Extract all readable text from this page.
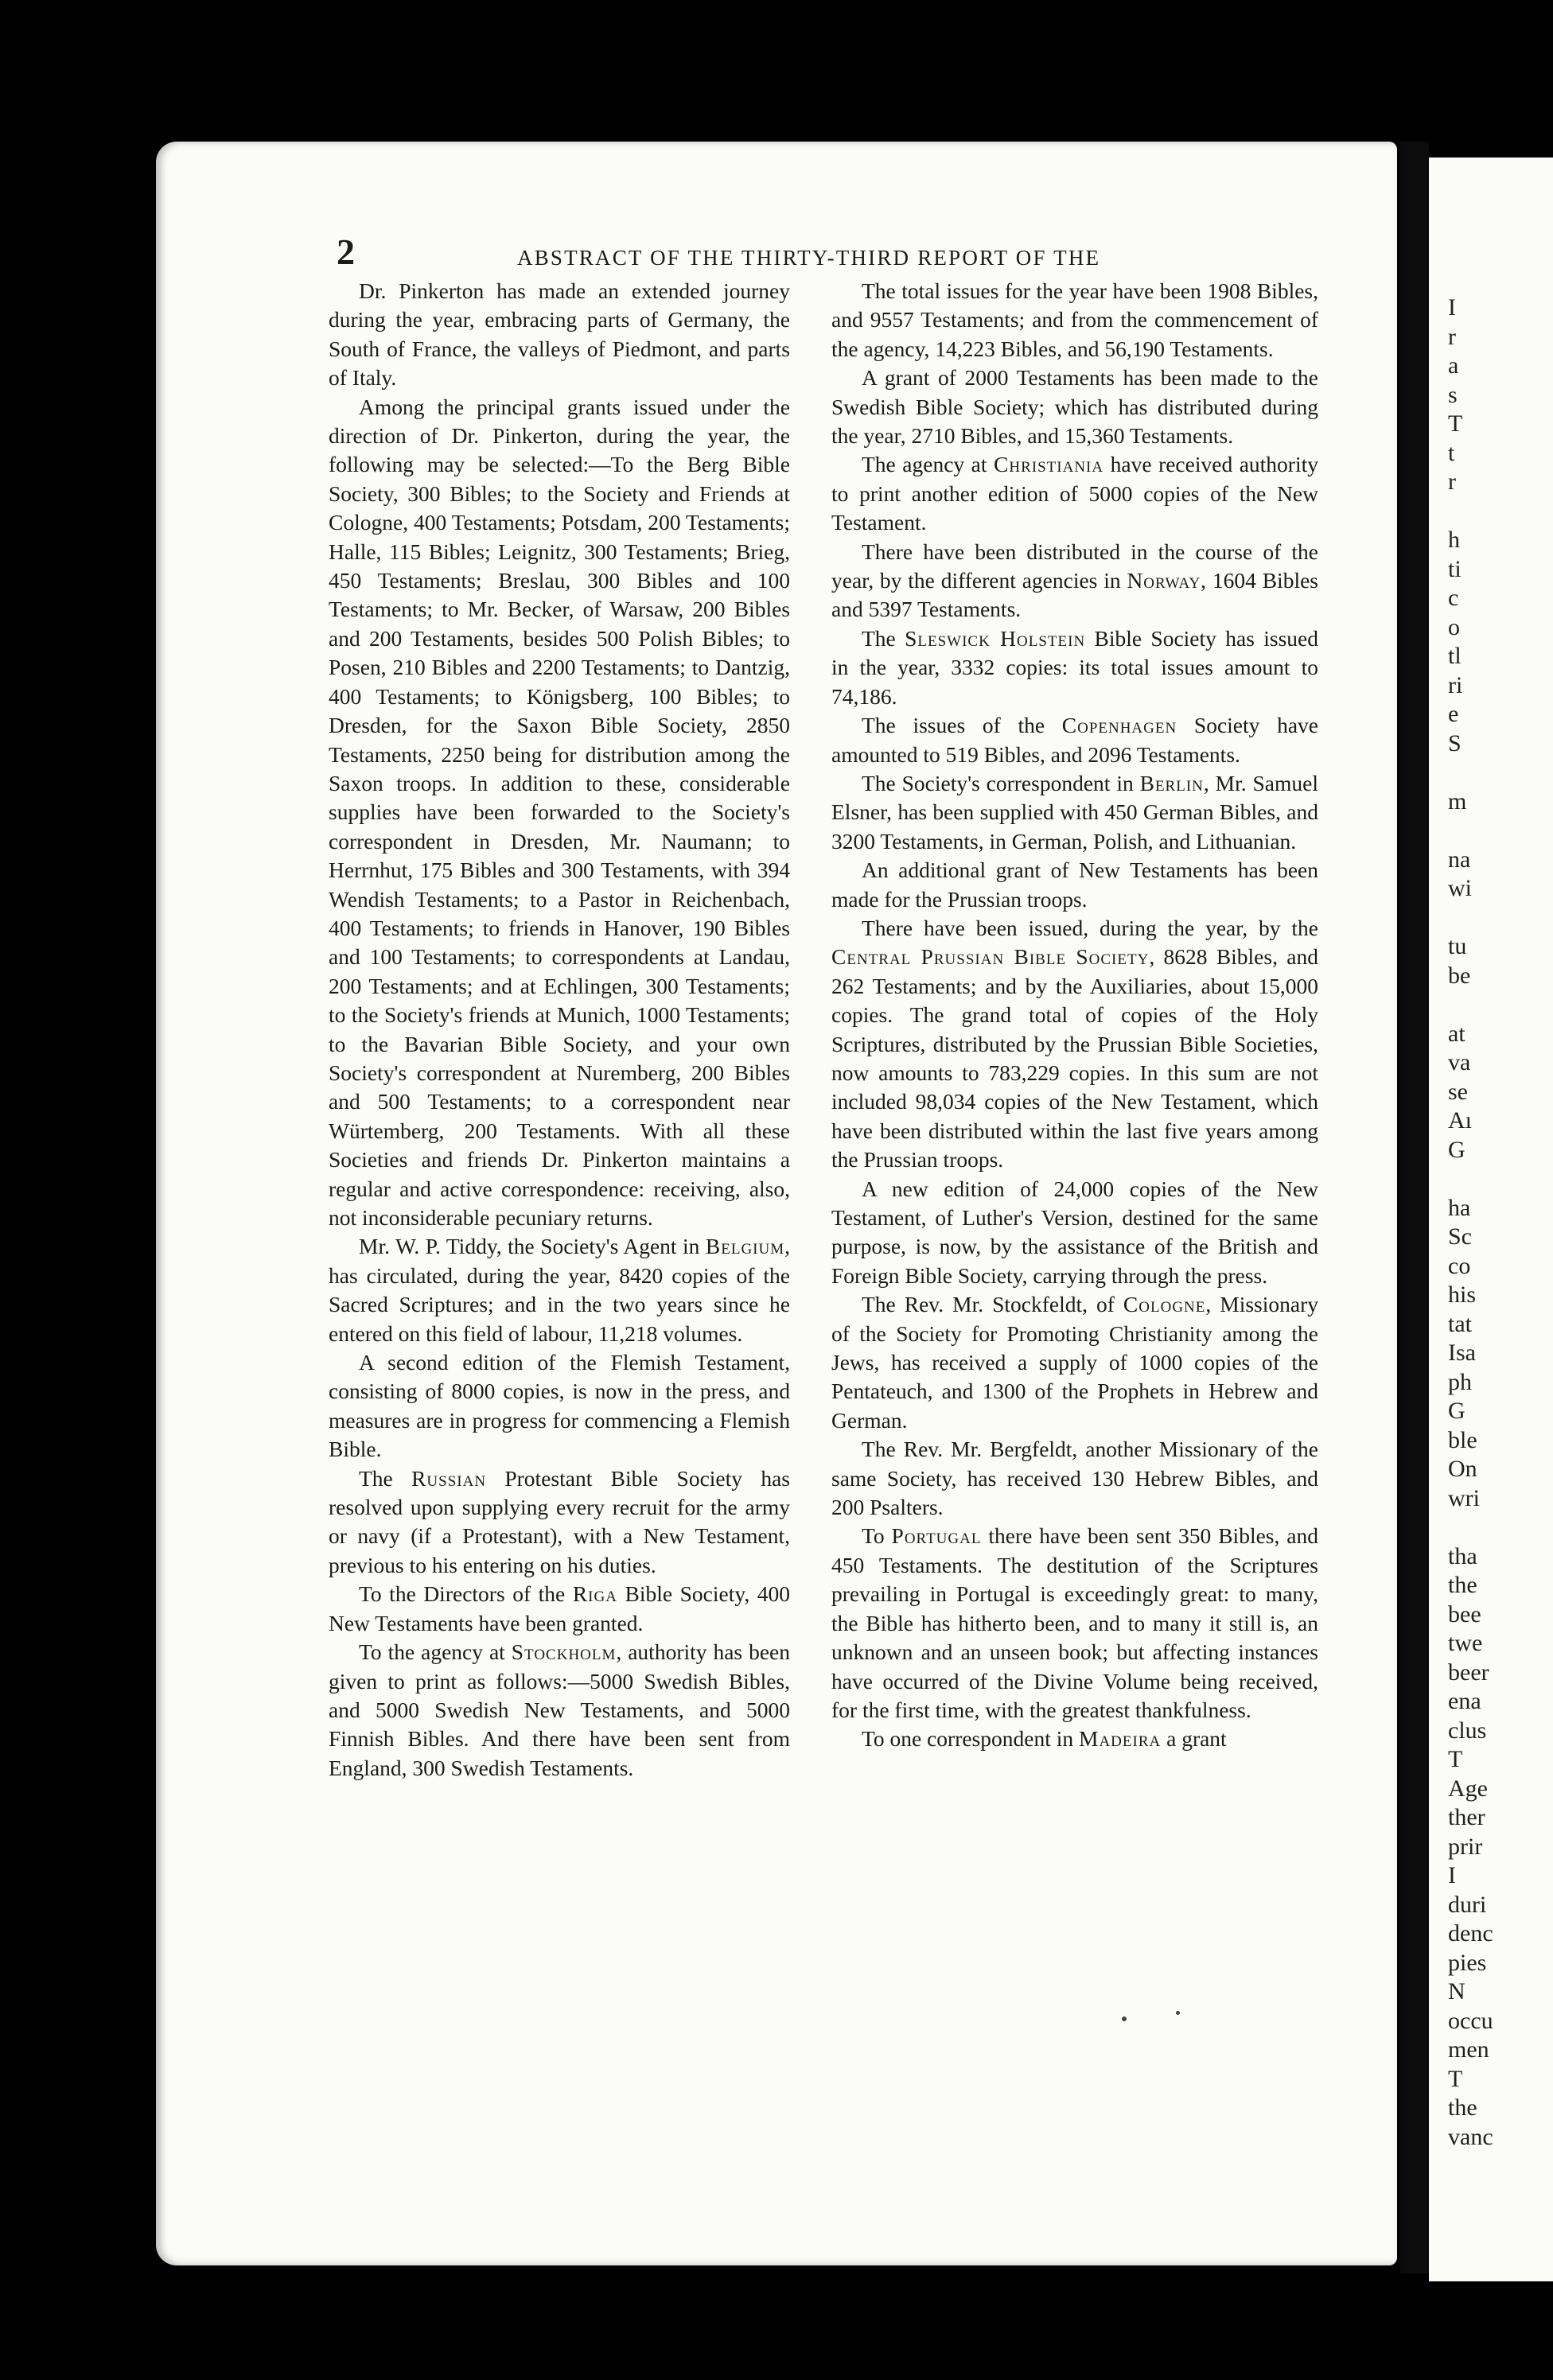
I
r
a
s
T
t
r
h
ti
c
o
tl
ri
e
S
m
na
wi
tu
be
at
va
se
Aı
G
ha
Sc
co
his
tat
Isa
ph
G
ble
On
wri
tha
the
bee
twe
beer
ena
clus
T
Age
ther
prir
I
duri
denc
pies
N
occu
men
T
the
vanc
2	ABSTRACT OF THE THIRTY-THIRD REPORT OF THE

Dr. Pinkerton has made an extended journey during the year, embracing parts of Germany, the South of France, the valleys of Piedmont, and parts of Italy.

Among the principal grants issued under the direction of Dr. Pinkerton, during the year, the following may be selected:—To the Berg Bible Society, 300 Bibles; to the Society and Friends at Cologne, 400 Testaments; Potsdam, 200 Testaments; Halle, 115 Bibles; Leignitz, 300 Testaments; Brieg, 450 Testaments; Breslau, 300 Bibles and 100 Testaments; to Mr. Becker, of Warsaw, 200 Bibles and 200 Testaments, besides 500 Polish Bibles; to Posen, 210 Bibles and 2200 Testaments; to Dantzig, 400 Testaments; to Königsberg, 100 Bibles; to Dresden, for the Saxon Bible Society, 2850 Testaments, 2250 being for distribution among the Saxon troops. In addition to these, considerable supplies have been forwarded to the Society's correspondent in Dresden, Mr. Naumann; to Herrnhut, 175 Bibles and 300 Testaments, with 394 Wendish Testaments; to a Pastor in Reichenbach, 400 Testaments; to friends in Hanover, 190 Bibles and 100 Testaments; to correspondents at Landau, 200 Testaments; and at Echlingen, 300 Testaments; to the Society's friends at Munich, 1000 Testaments; to the Bavarian Bible Society, and your own Society's correspondent at Nuremberg, 200 Bibles and 500 Testaments; to a correspondent near Würtemberg, 200 Testaments. With all these Societies and friends Dr. Pinkerton maintains a regular and active correspondence: receiving, also, not inconsiderable pecuniary returns.

Mr. W. P. Tiddy, the Society's Agent in Belgium, has circulated, during the year, 8420 copies of the Sacred Scriptures; and in the two years since he entered on this field of labour, 11,218 volumes.

A second edition of the Flemish Testament, consisting of 8000 copies, is now in the press, and measures are in progress for commencing a Flemish Bible.

The Russian Protestant Bible Society has resolved upon supplying every recruit for the army or navy (if a Protestant), with a New Testament, previous to his entering on his duties.

To the Directors of the Riga Bible Society, 400 New Testaments have been granted.

To the agency at Stockholm, authority has been given to print as follows:—5000 Swedish Bibles, and 5000 Swedish New Testaments, and 5000 Finnish Bibles. And there have been sent from England, 300 Swedish Testaments.

The total issues for the year have been 1908 Bibles, and 9557 Testaments; and from the commencement of the agency, 14,223 Bibles, and 56,190 Testaments.

A grant of 2000 Testaments has been made to the Swedish Bible Society; which has distributed during the year, 2710 Bibles, and 15,360 Testaments.

The agency at Christiania have received authority to print another edition of 5000 copies of the New Testament.

There have been distributed in the course of the year, by the different agencies in Norway, 1604 Bibles and 5397 Testaments.

The Sleswick Holstein Bible Society has issued in the year, 3332 copies: its total issues amount to 74,186.

The issues of the Copenhagen Society have amounted to 519 Bibles, and 2096 Testaments.

The Society's correspondent in Berlin, Mr. Samuel Elsner, has been supplied with 450 German Bibles, and 3200 Testaments, in German, Polish, and Lithuanian.

An additional grant of New Testaments has been made for the Prussian troops.

There have been issued, during the year, by the Central Prussian Bible Society, 8628 Bibles, and 262 Testaments; and by the Auxiliaries, about 15,000 copies. The grand total of copies of the Holy Scriptures, distributed by the Prussian Bible Societies, now amounts to 783,229 copies. In this sum are not included 98,034 copies of the New Testament, which have been distributed within the last five years among the Prussian troops.

A new edition of 24,000 copies of the New Testament, of Luther's Version, destined for the same purpose, is now, by the assistance of the British and Foreign Bible Society, carrying through the press.

The Rev. Mr. Stockfeldt, of Cologne, Missionary of the Society for Promoting Christianity among the Jews, has received a supply of 1000 copies of the Pentateuch, and 1300 of the Prophets in Hebrew and German.

The Rev. Mr. Bergfeldt, another Missionary of the same Society, has received 130 Hebrew Bibles, and 200 Psalters.

To Portugal there have been sent 350 Bibles, and 450 Testaments. The destitution of the Scriptures prevailing in Portugal is exceedingly great: to many, the Bible has hitherto been, and to many it still is, an unknown and an unseen book; but affecting instances have occurred of the Divine Volume being received, for the first time, with the greatest thankfulness.

To one correspondent in Madeira a grant
